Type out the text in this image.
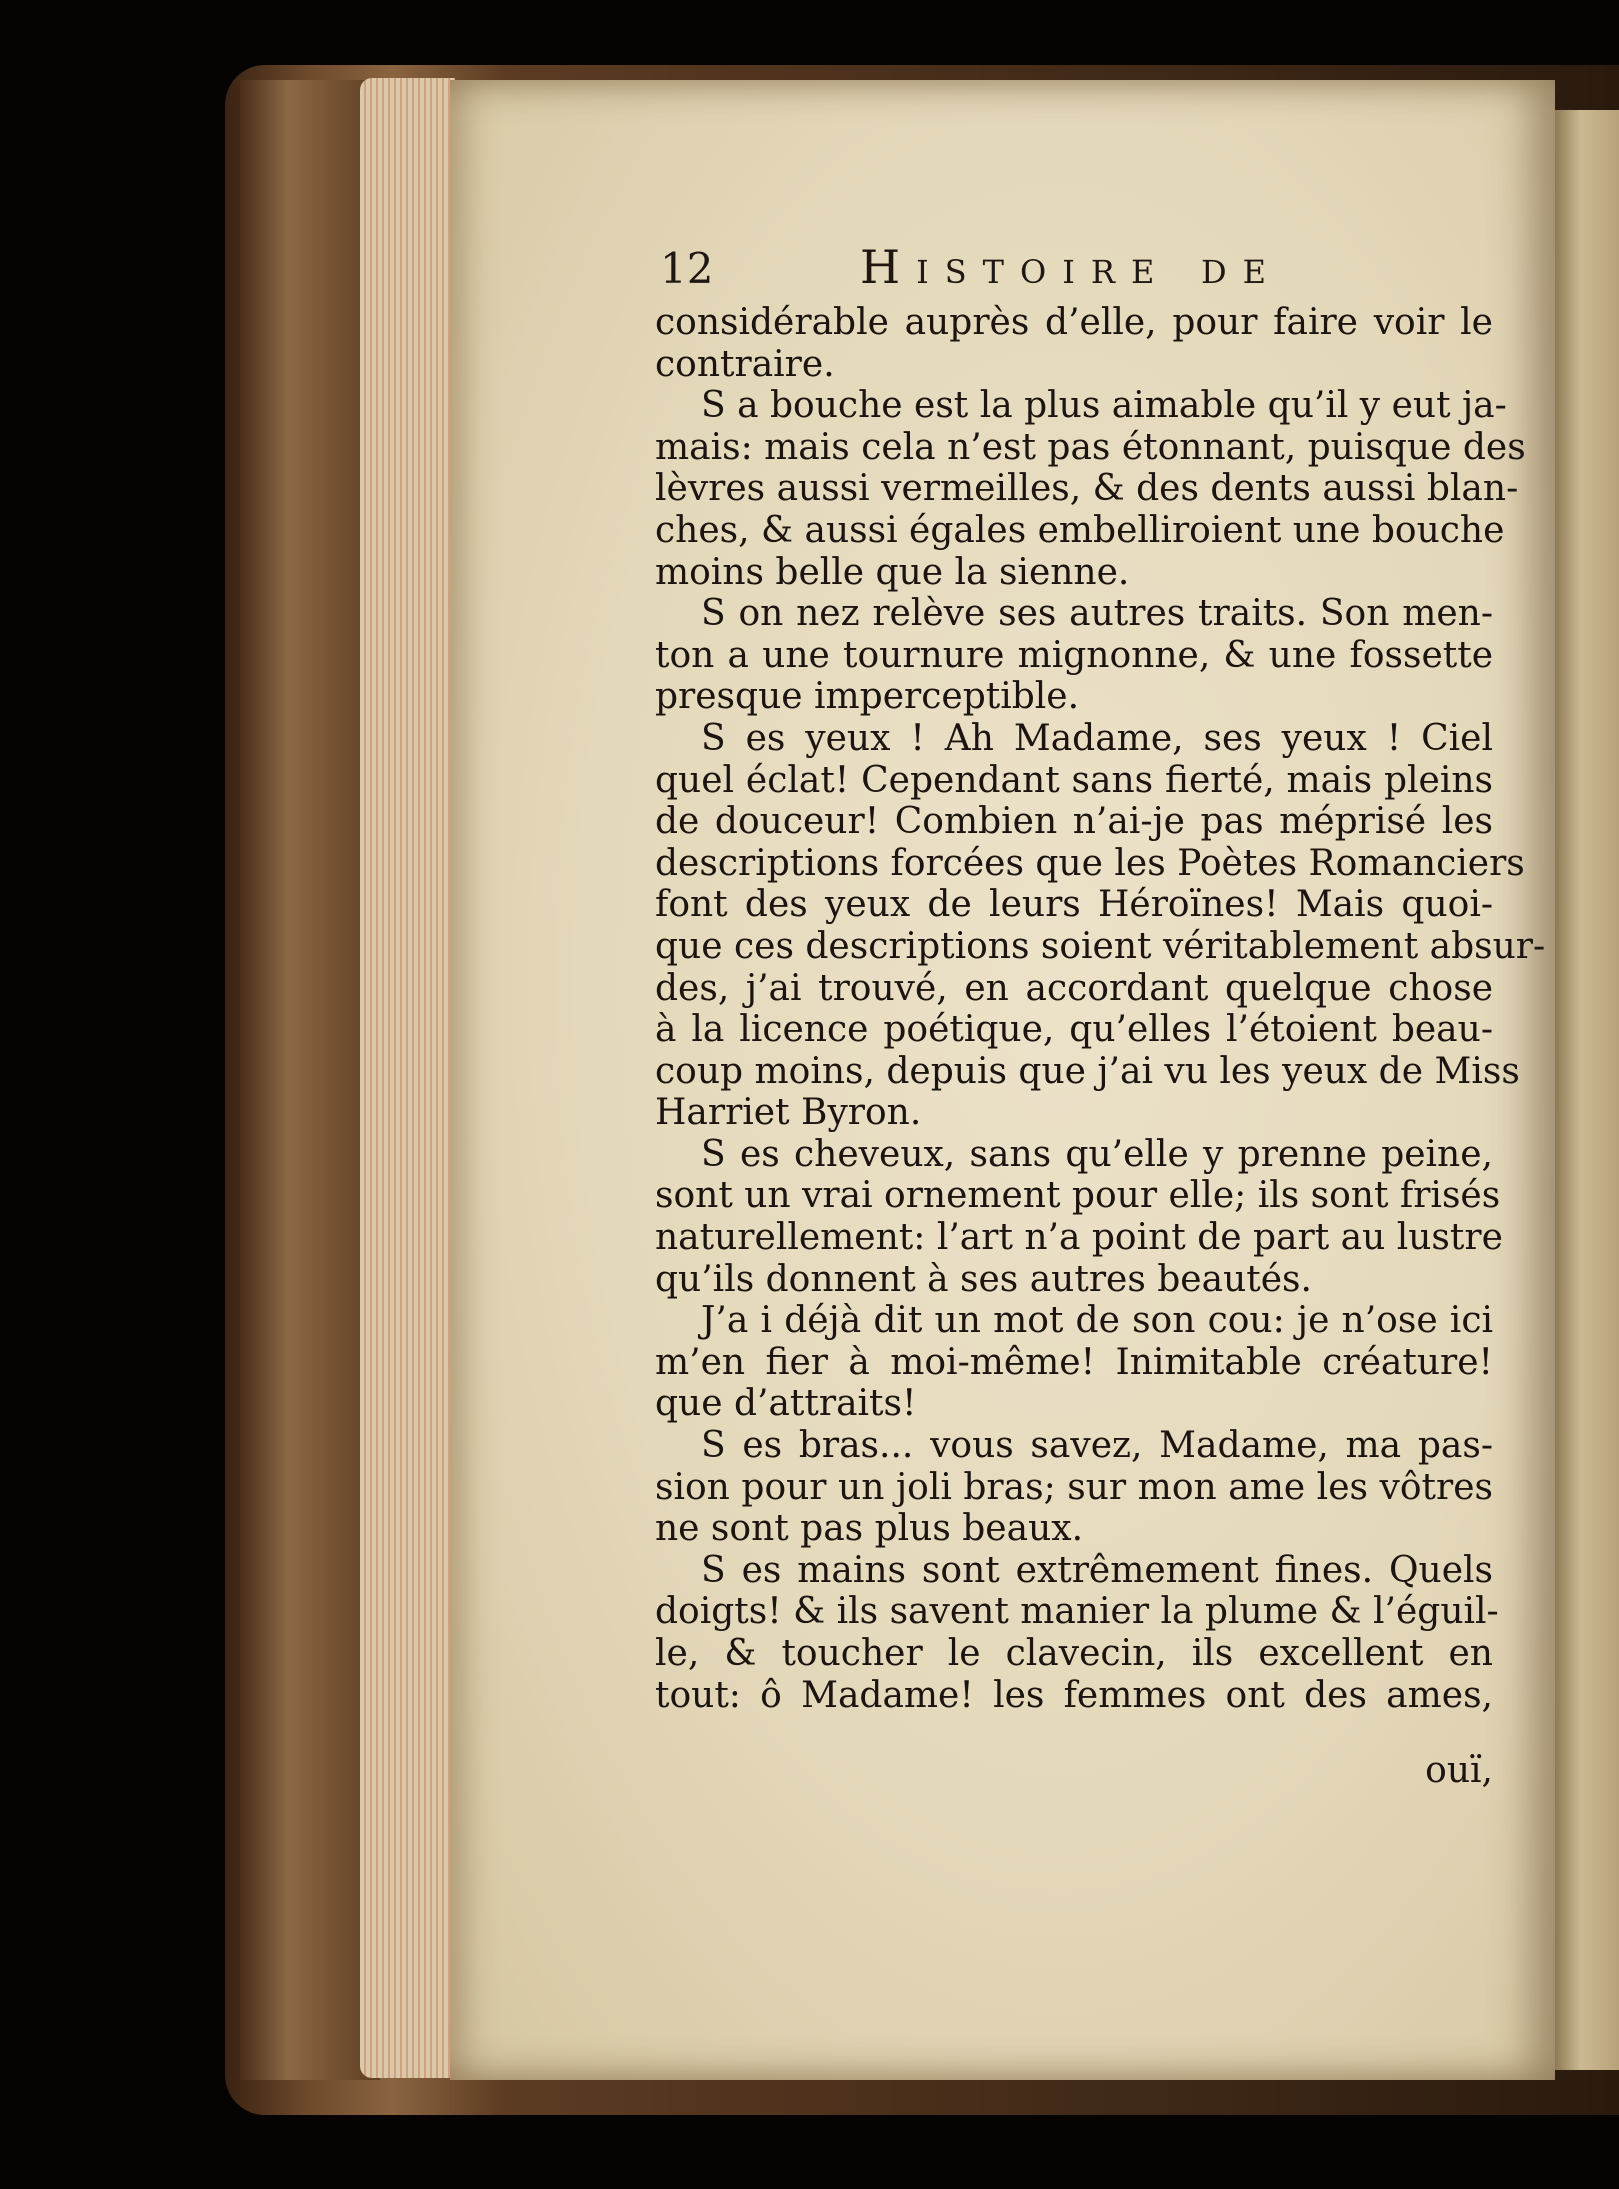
12	Histoire de
considérable auprès d’elle, pour faire voir le
contraire.
S a bouche est la plus aimable qu’il y eut ja-
mais: mais cela n’est pas étonnant, puisque des
lèvres aussi vermeilles, & des dents aussi blan-
ches, & aussi égales embelliroient une bouche
moins belle que la sienne.
S on nez relève ses autres traits. Son men-
ton a une tournure mignonne, & une fossette
presque imperceptible.
S es yeux ! Ah Madame, ses yeux ! Ciel
quel éclat! Cependant sans fierté, mais pleins
de douceur! Combien n’ai-je pas méprisé les
descriptions forcées que les Poètes Romanciers
font des yeux de leurs Héroïnes! Mais quoi-
que ces descriptions soient véritablement absur-
des, j’ai trouvé, en accordant quelque chose
à la licence poétique, qu’elles l’étoient beau-
coup moins, depuis que j’ai vu les yeux de Miss
Harriet Byron.
S es cheveux, sans qu’elle y prenne peine,
sont un vrai ornement pour elle; ils sont frisés
naturellement: l’art n’a point de part au lustre
qu’ils donnent à ses autres beautés.
J’a i déjà dit un mot de son cou: je n’ose ici
m’en fier à moi-même! Inimitable créature!
que d’attraits!
S es bras... vous savez, Madame, ma pas-
sion pour un joli bras; sur mon ame les vôtres
ne sont pas plus beaux.
S es mains sont extrêmement fines. Quels
doigts! & ils savent manier la plume & l’éguil-
le, & toucher le clavecin, ils excellent en
tout: ô Madame! les femmes ont des ames,
ouï,
